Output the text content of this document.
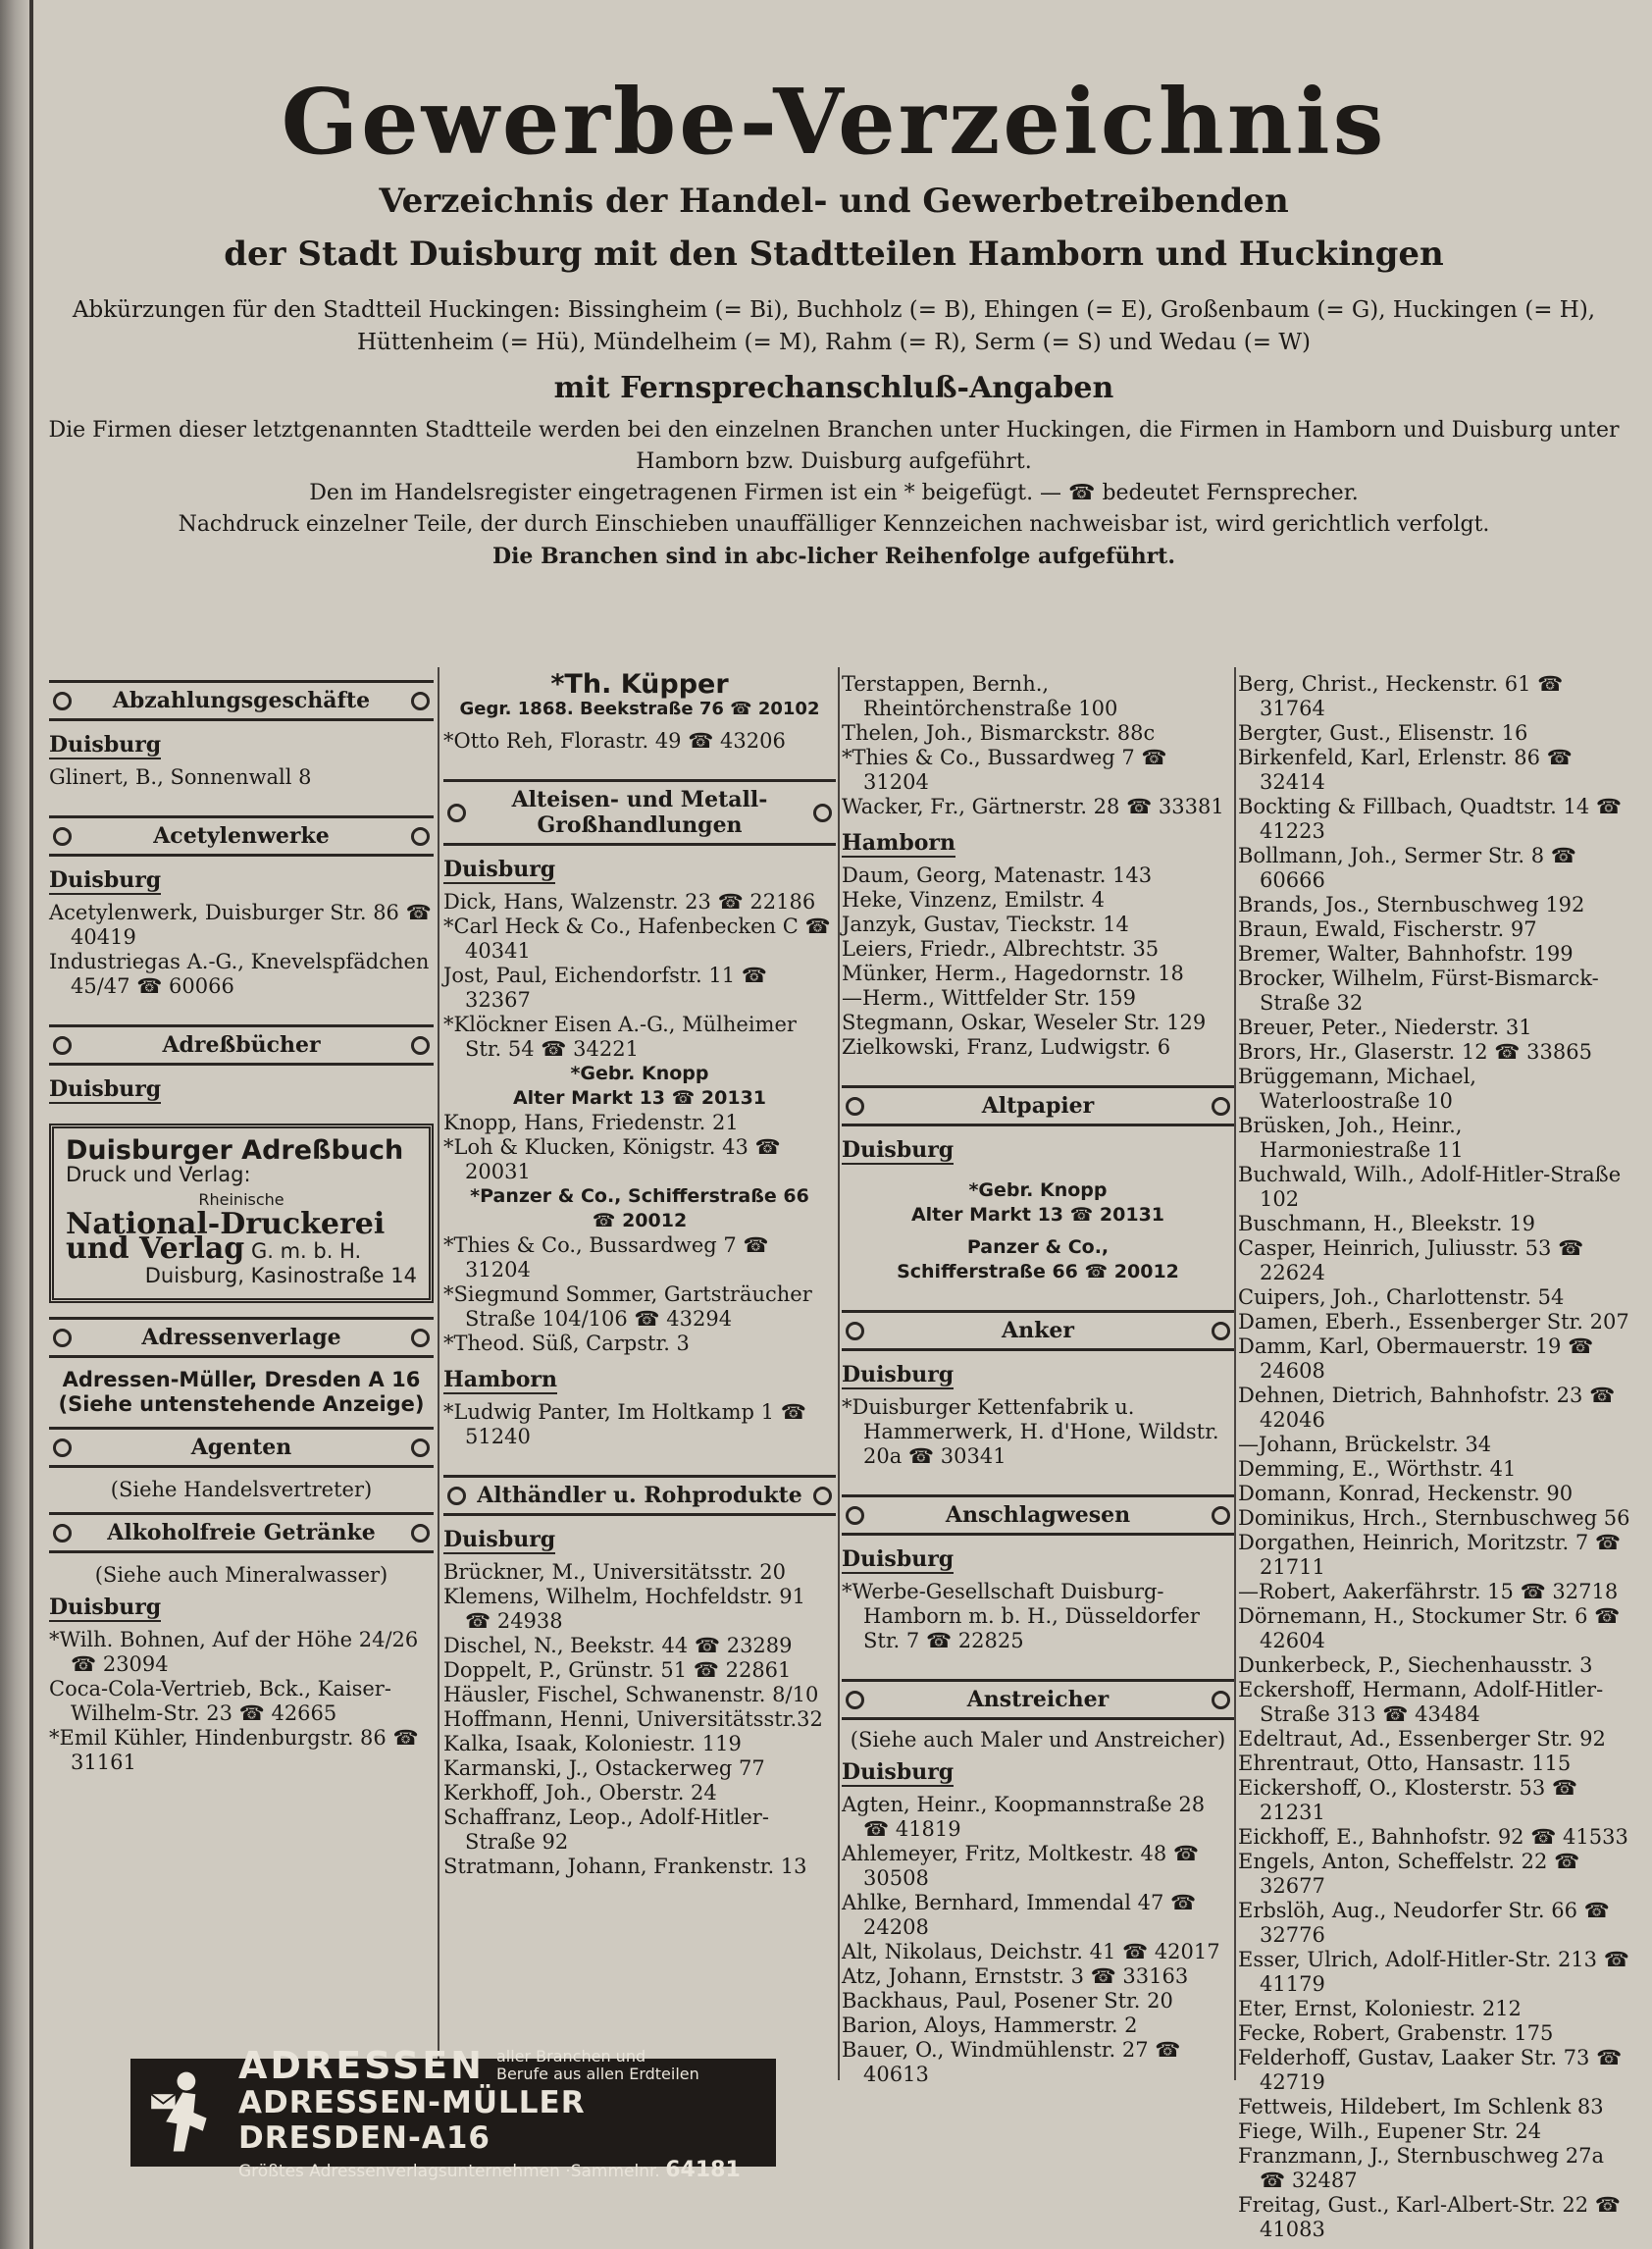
Gewerbe-Verzeichnis

Verzeichnis der Handel- und Gewerbetreibenden

der Stadt Duisburg mit den Stadtteilen Hamborn und Huckingen

Abkürzungen für den Stadtteil Huckingen: Bissingheim (= Bi), Buchholz (= B), Ehingen (= E), Großenbaum (= G), Huckingen (= H), Hüttenheim (= Hü), Mündelheim (= M), Rahm (= R), Serm (= S) und Wedau (= W)

mit Fernsprechanschluß-Angaben

Die Firmen dieser letztgenannten Stadtteile werden bei den einzelnen Branchen unter Huckingen, die Firmen in Hamborn und Duisburg unter Hamborn bzw. Duisburg aufgeführt.

Den im Handelsregister eingetragenen Firmen ist ein * beigefügt. — ☎ bedeutet Fernsprecher.

Nachdruck einzelner Teile, der durch Einschieben unauffälliger Kennzeichen nachweisbar ist, wird gerichtlich verfolgt.

Die Branchen sind in abc-licher Reihenfolge aufgeführt.

Abzahlungsgeschäfte
Duisburg

Glinert, B., Sonnenwall 8

Acetylenwerke
Duisburg

Acetylenwerk, Duisburger Str. 86 ☎ 40419

Industriegas A.-G., Knevelspfädchen 45/47 ☎ 60066

Adreßbücher
Duisburg
Duisburger Adreßbuch
Druck und Verlag:
Rheinische
National-Druckerei
und Verlag G. m. b. H.
Duisburg, Kasinostraße 14
Adressenverlage

Adressen-Müller, Dresden A 16

(Siehe untenstehende Anzeige)

Agenten

(Siehe Handelsvertreter)

Alkoholfreie Getränke

(Siehe auch Mineralwasser)

Duisburg

*Wilh. Bohnen, Auf der Höhe 24/26 ☎ 23094

Coca-Cola-Vertrieb, Bck., Kaiser-Wilhelm-Str. 23 ☎ 42665

*Emil Kühler, Hindenburgstr. 86 ☎ 31161

*Th. Küpper
Gegr. 1868. Beekstraße 76 ☎ 20102

*Otto Reh, Florastr. 49 ☎ 43206

Alteisen- und Metall-Großhandlungen
Duisburg

Dick, Hans, Walzenstr. 23 ☎ 22186

*Carl Heck & Co., Hafenbecken C ☎ 40341

Jost, Paul, Eichendorfstr. 11 ☎ 32367

*Klöckner Eisen A.-G., Mülheimer Str. 54 ☎ 34221

*Gebr. Knopp
Alter Markt 13 ☎ 20131

Knopp, Hans, Friedenstr. 21

*Loh & Klucken, Königstr. 43 ☎ 20031

*Panzer & Co., Schifferstraße 66
☎ 20012

*Thies & Co., Bussardweg 7 ☎ 31204

*Siegmund Sommer, Gartsträucher Straße 104/106 ☎ 43294

*Theod. Süß, Carpstr. 3

Hamborn

*Ludwig Panter, Im Holtkamp 1 ☎ 51240

Althändler u. Rohprodukte
Duisburg

Brückner, M., Universitätsstr. 20

Klemens, Wilhelm, Hochfeldstr. 91 ☎ 24938

Dischel, N., Beekstr. 44 ☎ 23289

Doppelt, P., Grünstr. 51 ☎ 22861

Häusler, Fischel, Schwanenstr. 8/10

Hoffmann, Henni, Universitätsstr.32

Kalka, Isaak, Koloniestr. 119

Karmanski, J., Ostackerweg 77

Kerkhoff, Joh., Oberstr. 24

Schaffranz, Leop., Adolf-Hitler-Straße 92

Stratmann, Johann, Frankenstr. 13

Terstappen, Bernh., Rheintörchenstraße 100

Thelen, Joh., Bismarckstr. 88c

*Thies & Co., Bussardweg 7 ☎ 31204

Wacker, Fr., Gärtnerstr. 28 ☎ 33381

Hamborn

Daum, Georg, Matenastr. 143

Heke, Vinzenz, Emilstr. 4

Janzyk, Gustav, Tieckstr. 14

Leiers, Friedr., Albrechtstr. 35

Münker, Herm., Hagedornstr. 18

—Herm., Wittfelder Str. 159

Stegmann, Oskar, Weseler Str. 129

Zielkowski, Franz, Ludwigstr. 6

Altpapier
Duisburg
*Gebr. Knopp
Alter Markt 13 ☎ 20131
Panzer & Co.,
Schifferstraße 66 ☎ 20012
Anker
Duisburg

*Duisburger Kettenfabrik u. Hammerwerk, H. d'Hone, Wildstr. 20a ☎ 30341

Anschlagwesen
Duisburg

*Werbe-Gesellschaft Duisburg-Hamborn m. b. H., Düsseldorfer Str. 7 ☎ 22825

Anstreicher

(Siehe auch Maler und Anstreicher)

Duisburg

Agten, Heinr., Koopmannstraße 28 ☎ 41819

Ahlemeyer, Fritz, Moltkestr. 48 ☎ 30508

Ahlke, Bernhard, Immendal 47 ☎ 24208

Alt, Nikolaus, Deichstr. 41 ☎ 42017

Atz, Johann, Ernststr. 3 ☎ 33163

Backhaus, Paul, Posener Str. 20

Barion, Aloys, Hammerstr. 2

Bauer, O., Windmühlenstr. 27 ☎ 40613

Berg, Christ., Heckenstr. 61 ☎ 31764

Bergter, Gust., Elisenstr. 16

Birkenfeld, Karl, Erlenstr. 86 ☎ 32414

Bockting & Fillbach, Quadtstr. 14 ☎ 41223

Bollmann, Joh., Sermer Str. 8 ☎ 60666

Brands, Jos., Sternbuschweg 192

Braun, Ewald, Fischerstr. 97

Bremer, Walter, Bahnhofstr. 199

Brocker, Wilhelm, Fürst-Bismarck-Straße 32

Breuer, Peter., Niederstr. 31

Brors, Hr., Glaserstr. 12 ☎ 33865

Brüggemann, Michael, Waterloostraße 10

Brüsken, Joh., Heinr., Harmoniestraße 11

Buchwald, Wilh., Adolf-Hitler-Straße 102

Buschmann, H., Bleekstr. 19

Casper, Heinrich, Juliusstr. 53 ☎ 22624

Cuipers, Joh., Charlottenstr. 54

Damen, Eberh., Essenberger Str. 207

Damm, Karl, Obermauerstr. 19 ☎ 24608

Dehnen, Dietrich, Bahnhofstr. 23 ☎ 42046

—Johann, Brückelstr. 34

Demming, E., Wörthstr. 41

Domann, Konrad, Heckenstr. 90

Dominikus, Hrch., Sternbuschweg 56

Dorgathen, Heinrich, Moritzstr. 7 ☎ 21711

—Robert, Aakerfährstr. 15 ☎ 32718

Dörnemann, H., Stockumer Str. 6 ☎ 42604

Dunkerbeck, P., Siechenhausstr. 3

Eckershoff, Hermann, Adolf-Hitler-Straße 313 ☎ 43484

Edeltraut, Ad., Essenberger Str. 92

Ehrentraut, Otto, Hansastr. 115

Eickershoff, O., Klosterstr. 53 ☎ 21231

Eickhoff, E., Bahnhofstr. 92 ☎ 41533

Engels, Anton, Scheffelstr. 22 ☎ 32677

Erbslöh, Aug., Neudorfer Str. 66 ☎ 32776

Esser, Ulrich, Adolf-Hitler-Str. 213 ☎ 41179

Eter, Ernst, Koloniestr. 212

Fecke, Robert, Grabenstr. 175

Felderhoff, Gustav, Laaker Str. 73 ☎ 42719

Fettweis, Hildebert, Im Schlenk 83

Fiege, Wilh., Eupener Str. 24

Franzmann, J., Sternbuschweg 27a ☎ 32487

Freitag, Gust., Karl-Albert-Str. 22 ☎ 41083

ADRESSEN aller Branchen und
Berufe aus allen Erdteilen
ADRESSEN-MÜLLER DRESDEN-A16
Größtes Adressenverlagsunternehmen ·Sammelnr. 64181
